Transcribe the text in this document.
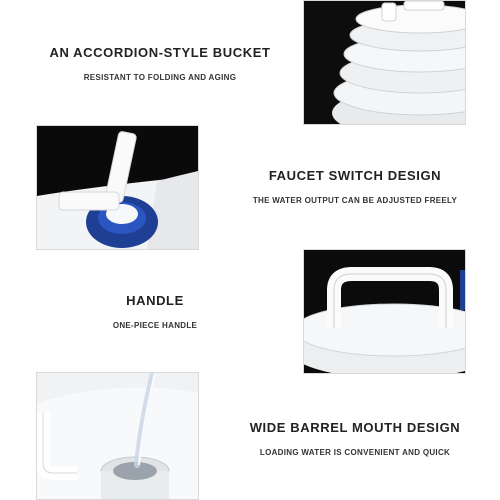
AN ACCORDION-STYLE BUCKET
RESISTANT TO FOLDING AND AGING
FAUCET SWITCH DESIGN
THE WATER OUTPUT CAN BE ADJUSTED FREELY
HANDLE
ONE-PIECE HANDLE
WIDE BARREL MOUTH DESIGN
LOADING WATER IS CONVENIENT AND QUICK
